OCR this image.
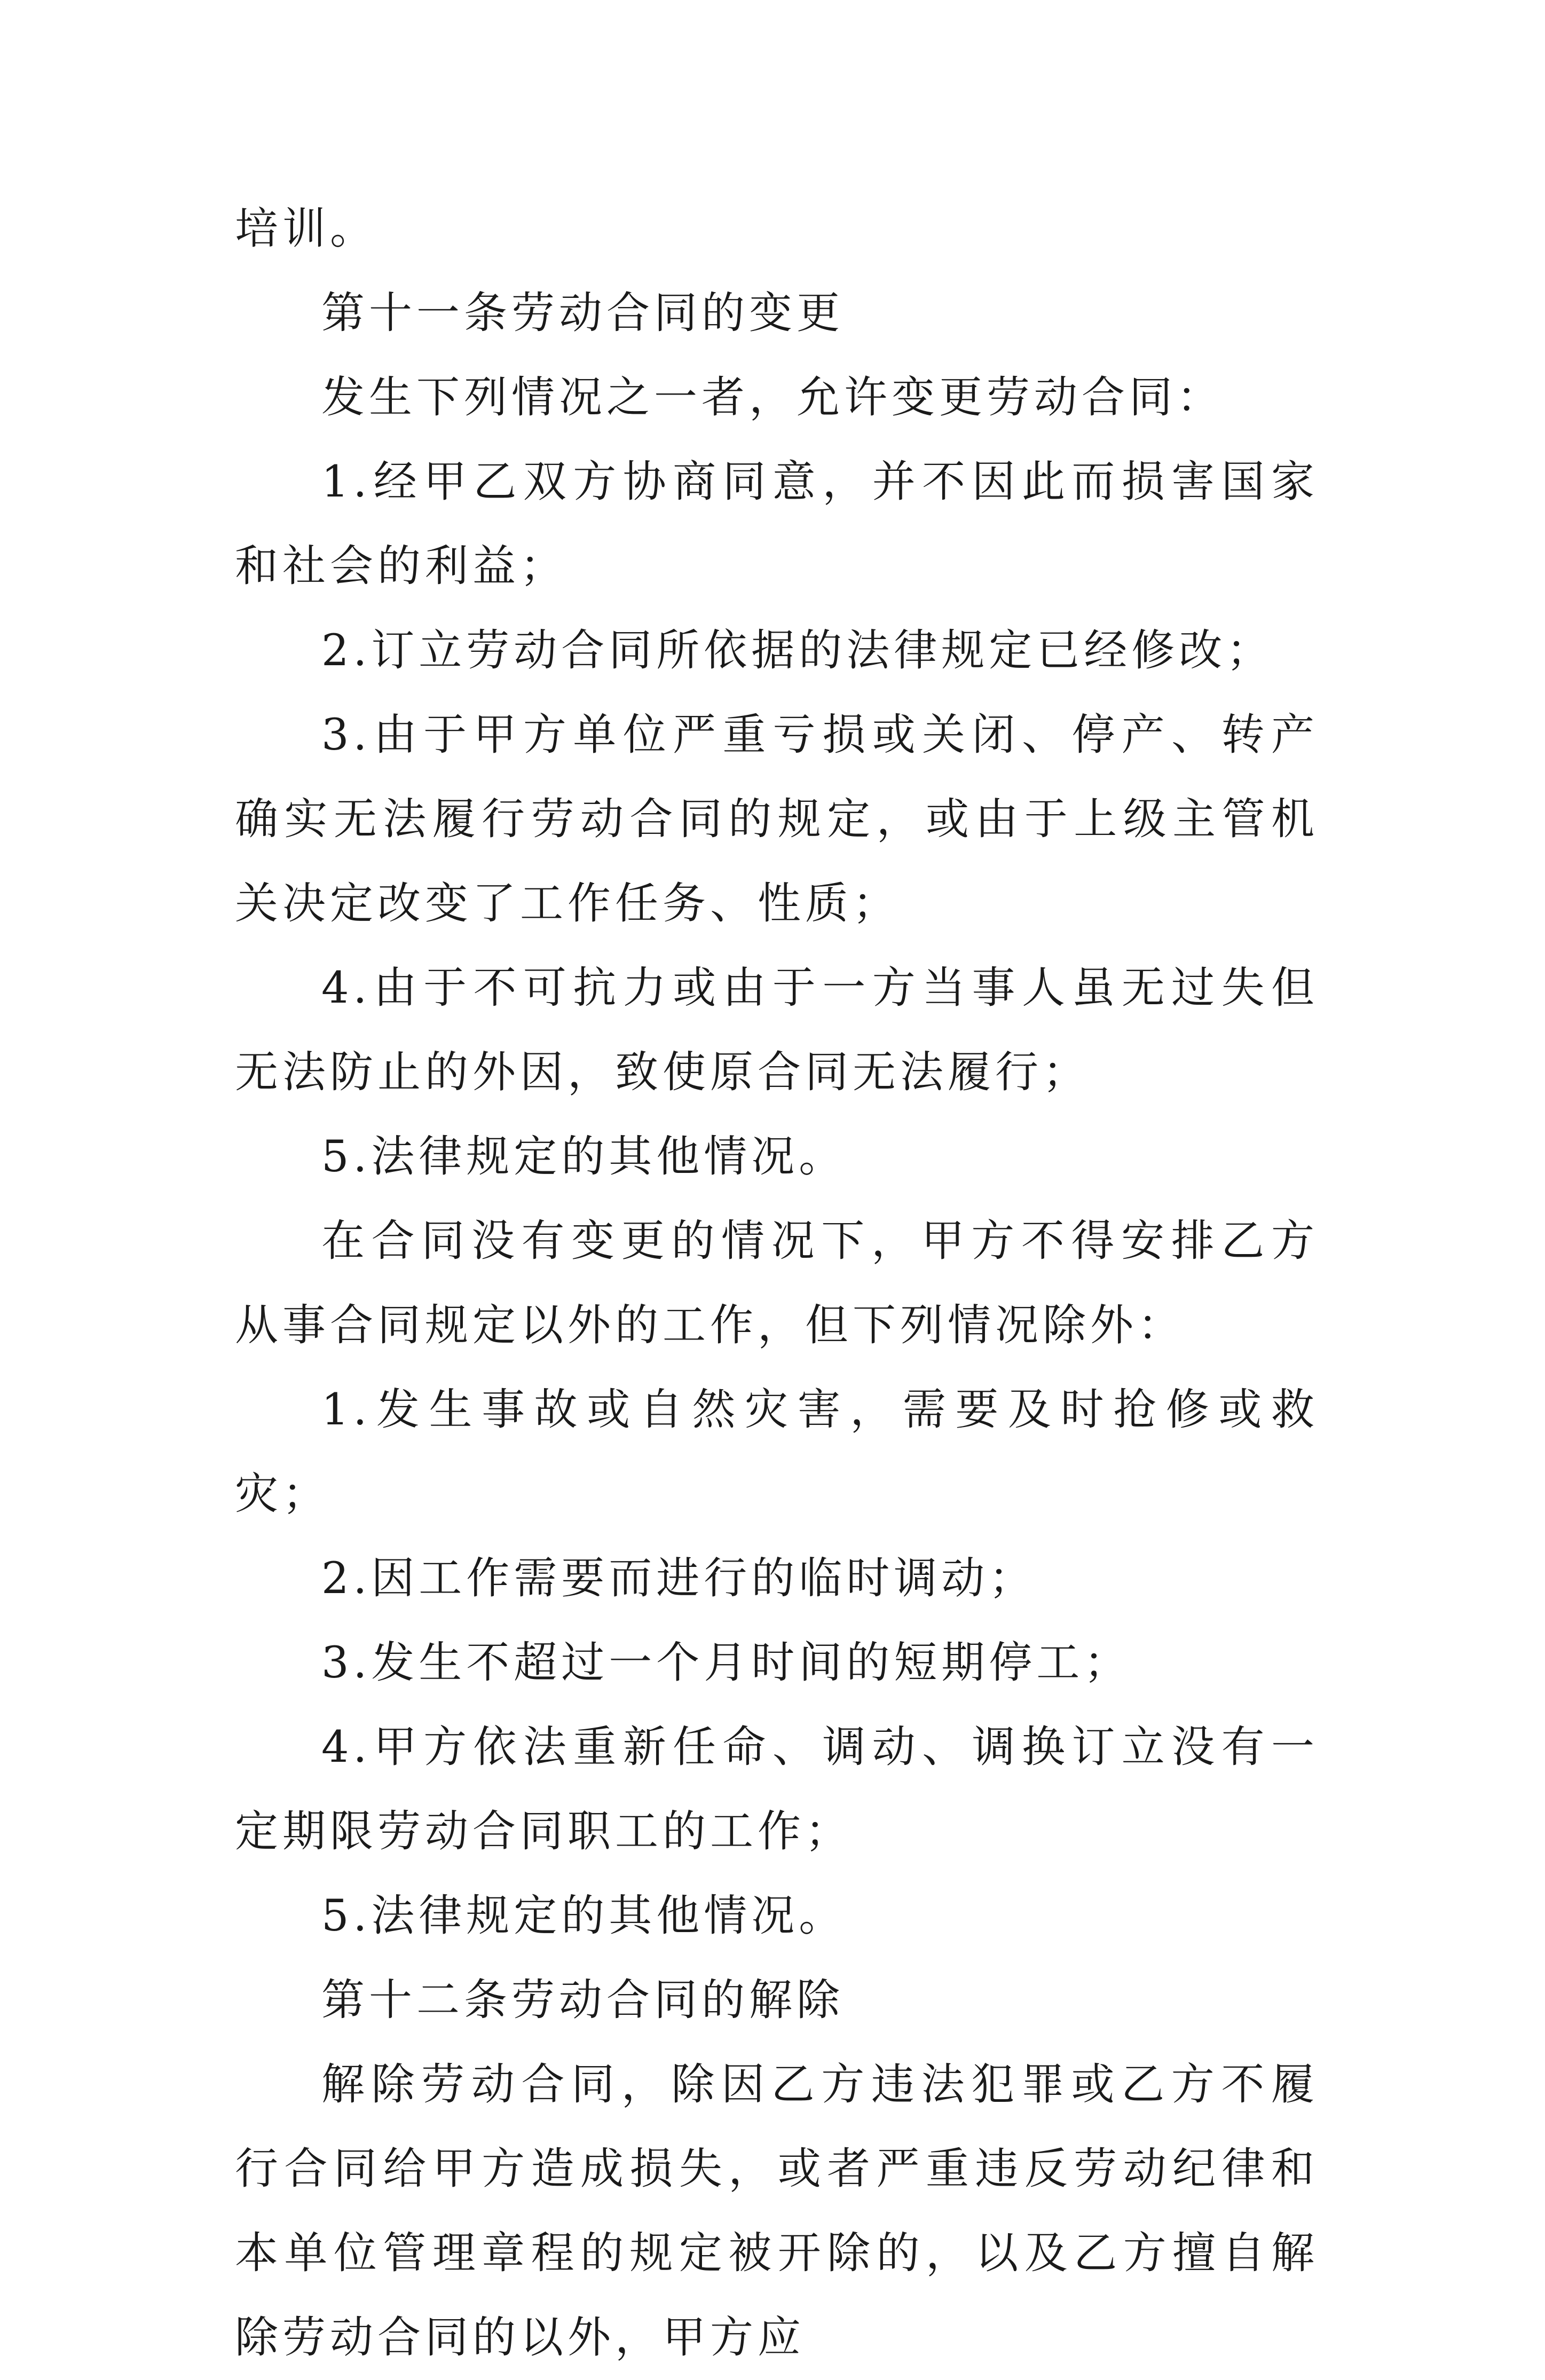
培训。

第十一条劳动合同的变更

发生下列情况之一者，允许变更劳动合同：

1.经甲乙双方协商同意，并不因此而损害国家和社会的利益；

2.订立劳动合同所依据的法律规定已经修改；

3.由于甲方单位严重亏损或关闭、停产、转产确实无法履行劳动合同的规定，或由于上级主管机关决定改变了工作任务、性质；

4.由于不可抗力或由于一方当事人虽无过失但无法防止的外因，致使原合同无法履行；

5.法律规定的其他情况。

在合同没有变更的情况下，甲方不得安排乙方从事合同规定以外的工作，但下列情况除外：

1.发生事故或自然灾害，需要及时抢修或救灾；

2.因工作需要而进行的临时调动；

3.发生不超过一个月时间的短期停工；

4.甲方依法重新任命、调动、调换订立没有一定期限劳动合同职工的工作；

5.法律规定的其他情况。

第十二条劳动合同的解除

解除劳动合同，除因乙方违法犯罪或乙方不履行合同给甲方造成损失，或者严重违反劳动纪律和本单位管理章程的规定被开除的，以及乙方擅自解除劳动合同的以外，甲方应
